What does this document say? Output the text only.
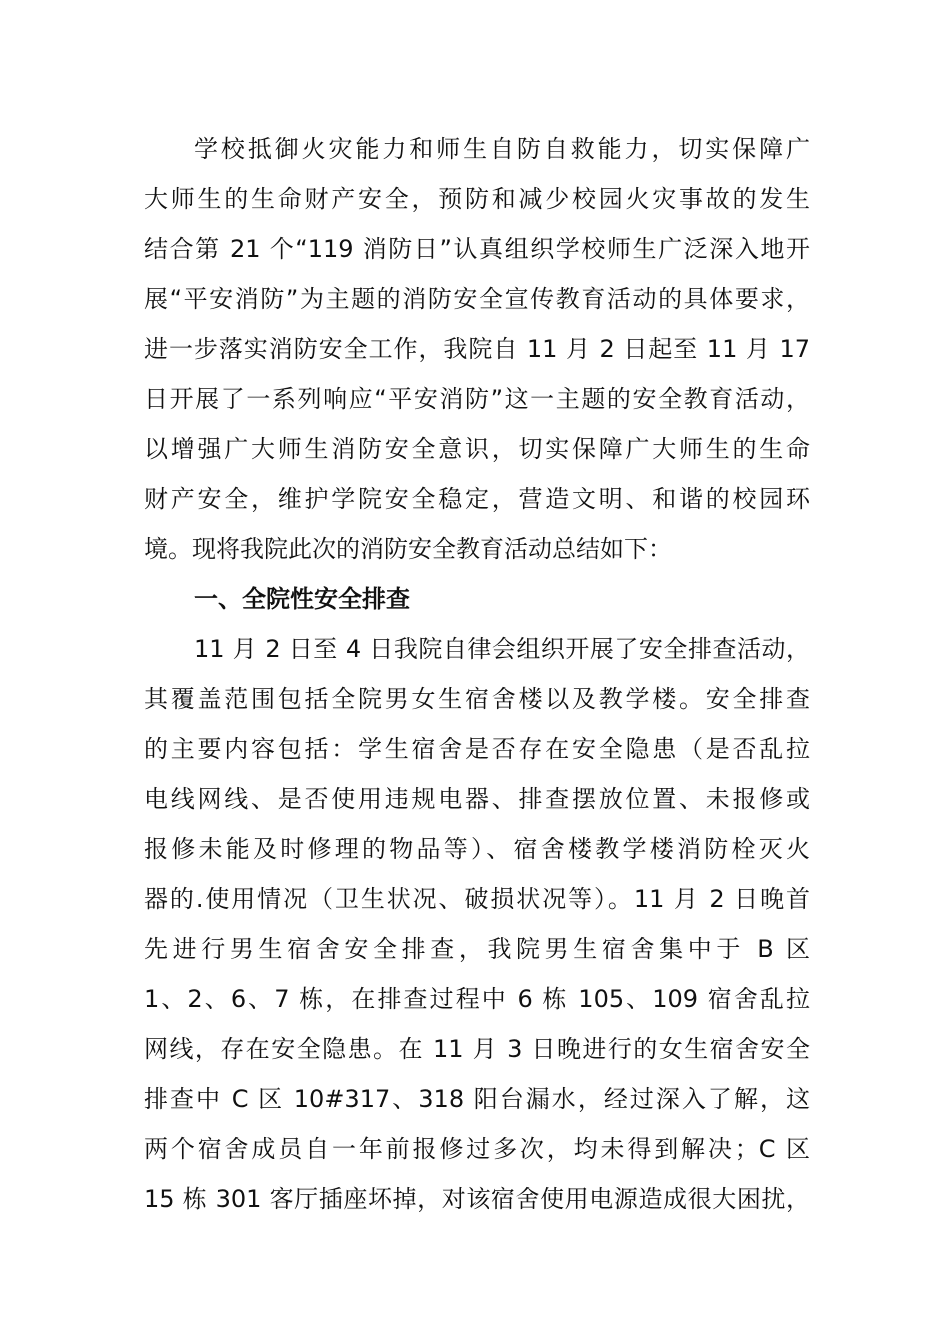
学校抵御火灾能力和师生自防自救能力，切实保障广
大师生的生命财产安全，预防和减少校园火灾事故的发生
结合第 21 个“119 消防日”认真组织学校师生广泛深入地开
展“平安消防”为主题的消防安全宣传教育活动的具体要求，
进一步落实消防安全工作，我院自 11 月 2 日起至 11 月 17
日开展了一系列响应“平安消防”这一主题的安全教育活动，
以增强广大师生消防安全意识，切实保障广大师生的生命
财产安全，维护学院安全稳定，营造文明、和谐的校园环
境。现将我院此次的消防安全教育活动总结如下：
一、全院性安全排查
11 月 2 日至 4 日我院自律会组织开展了安全排查活动，
其覆盖范围包括全院男女生宿舍楼以及教学楼。安全排查
的主要内容包括：学生宿舍是否存在安全隐患（是否乱拉
电线网线、是否使用违规电器、排查摆放位置、未报修或
报修未能及时修理的物品等）、宿舍楼教学楼消防栓灭火
器的.使用情况（卫生状况、破损状况等）。11 月 2 日晚首
先进行男生宿舍安全排查，我院男生宿舍集中于 B 区
1、2、6、7 栋，在排查过程中 6 栋 105、109 宿舍乱拉
网线，存在安全隐患。在 11 月 3 日晚进行的女生宿舍安全
排查中 C 区 10#317、318 阳台漏水，经过深入了解，这
两个宿舍成员自一年前报修过多次，均未得到解决；C 区
15 栋 301 客厅插座坏掉，对该宿舍使用电源造成很大困扰，
